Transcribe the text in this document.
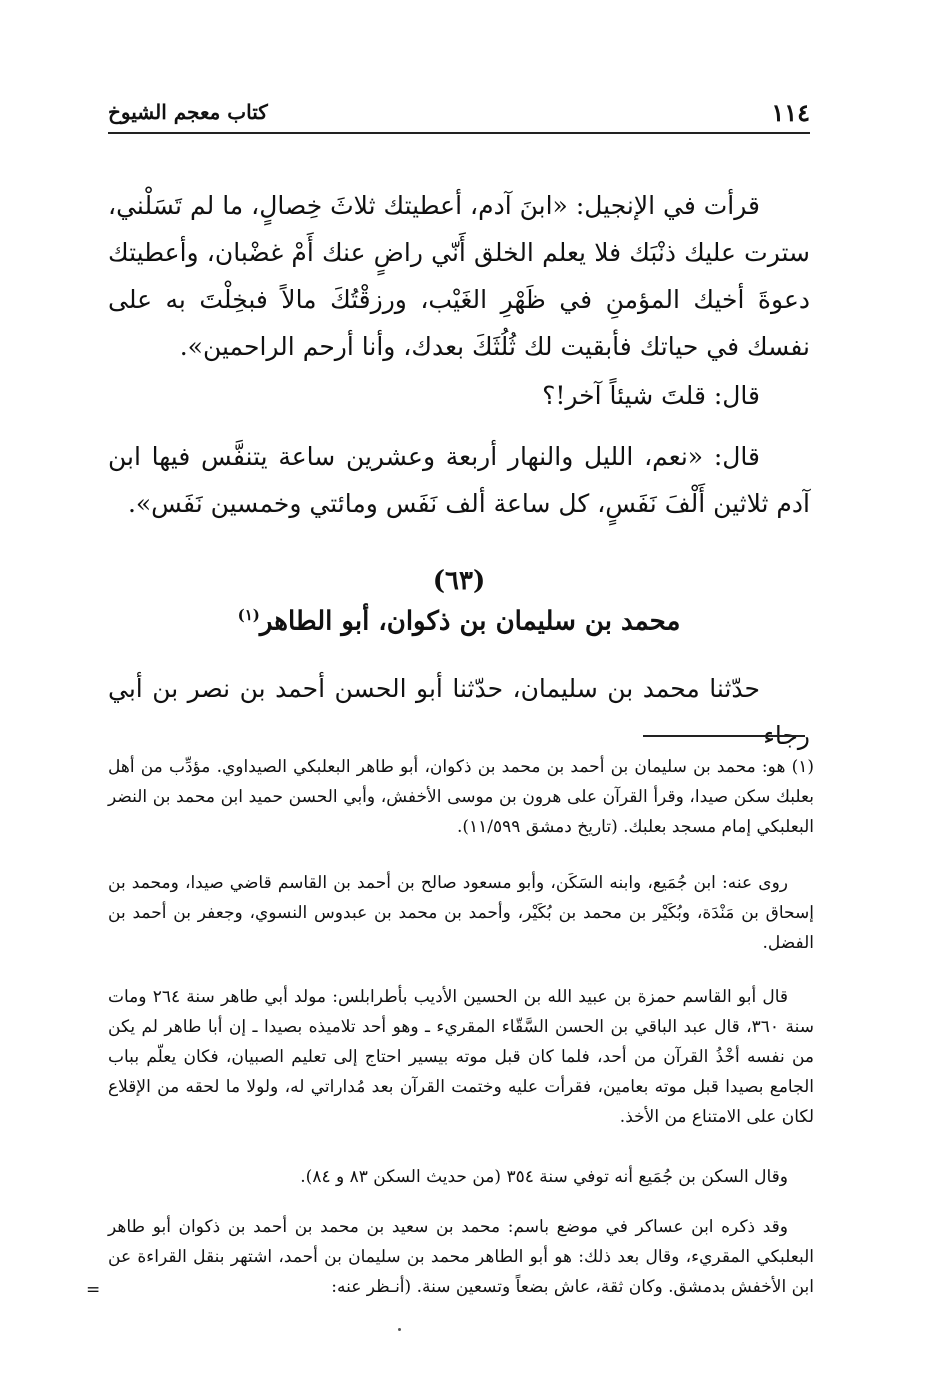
١١٤
كتاب معجم الشيوخ

قرأت في الإنجيل: «ابنَ آدم، أعطيتك ثلاثَ خِصالٍ، ما لم تَسَلْني، سترت عليك ذنْبَك فلا يعلم الخلق أَنّي راضٍ عنك أَمْ غضْبان، وأعطيتك دعوةَ أخيك المؤمنِ في ظَهْرِ الغَيْب، ورزقْتُكَ مالاً فبخِلْتَ به على نفسك في حياتك فأبقيت لك ثُلُثَكَ بعدك، وأنا أرحم الراحمين».

قال: قلتَ شيئاً آخر!؟

قال: «نعم، الليل والنهار أربعة وعشرين ساعة يتنفَّس فيها ابن آدم ثلاثين أَلْفَ نَفَسٍ، كل ساعة ألف نَفَس ومائتي وخمسين نَفَس».

(٦٣)
محمد بن سليمان بن ذكوان، أبو الطاهر$^{(١)}$

حدّثنا محمد بن سليمان، حدّثنا أبو الحسن أحمد بن نصر بن أبي رجاء

(١) هو: محمد بن سليمان بن أحمد بن محمد بن ذكوان، أبو طاهر البعلبكي الصيداوي. مؤدِّب من أهل بعلبك سكن صيدا، وقرأ القرآن على هرون بن موسى الأخفش، وأبي الحسن حميد ابن محمد بن النضر البعلبكي إمام مسجد بعلبك. (تاريخ دمشق ١١/٥٩٩).

روى عنه: ابن جُمَيع، وابنه السَكَن، وأبو مسعود صالح بن أحمد بن القاسم قاضي صيدا، ومحمد بن إسحاق بن مَنْدَة، وبُكَيْر بن محمد بن بُكَيْر، وأحمد بن محمد بن عبدوس النسوي، وجعفر بن أحمد بن الفضل.

قال أبو القاسم حمزة بن عبيد الله بن الحسين الأديب بأطرابلس: مولد أبي طاهر سنة ٢٦٤ ومات سنة ٣٦٠، قال عبد الباقي بن الحسن السَّقّاء المقريء ـ وهو أحد تلاميذه بصيدا ـ إن أبا طاهر لم يكن من نفسه أخْذُ القرآن من أحد، فلما كان قبل موته بيسير احتاج إلى تعليم الصبيان، فكان يعلّم بباب الجامع بصيدا قبل موته بعامين، فقرأت عليه وختمت القرآن بعد مُداراتي له، ولولا ما لحقه من الإقلاع لكان على الامتناع من الأخذ.

وقال السكن بن جُمَيع أنه توفي سنة ٣٥٤ (من حديث السكن ٨٣ و ٨٤).

وقد ذكره ابن عساكر في موضع باسم: محمد بن سعيد بن محمد بن أحمد بن ذكوان أبو طاهر البعلبكي المقريء، وقال بعد ذلك: هو أبو الطاهر محمد بن سليمان بن أحمد، اشتهر بنقل القراءة عن ابن الأخفش بدمشق. وكان ثقة، عاش بضعاً وتسعين سنة. (أنـظر عنه:

=
